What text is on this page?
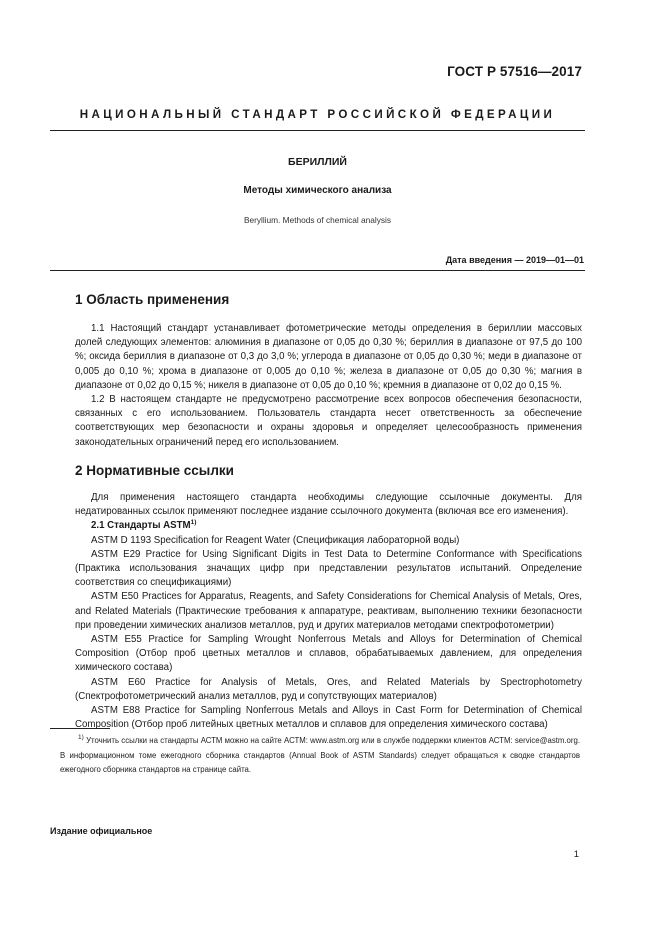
ГОСТ Р 57516—2017
НАЦИОНАЛЬНЫЙ СТАНДАРТ РОССИЙСКОЙ ФЕДЕРАЦИИ
БЕРИЛЛИЙ
Методы химического анализа
Beryllium. Methods of chemical analysis
Дата введения — 2019—01—01
1 Область применения

1.1 Настоящий стандарт устанавливает фотометрические методы определения в бериллии массовых долей следующих элементов: алюминия в диапазоне от 0,05 до 0,30 %; бериллия в диапазоне от 97,5 до 100 %; оксида бериллия в диапазоне от 0,3 до 3,0 %; углерода в диапазоне от 0,05 до 0,30 %; меди в диапазоне от 0,005 до 0,10 %; хрома в диапазоне от 0,005 до 0,10 %; железа в диапазоне от 0,05 до 0,30 %; магния в диапазоне от 0,02 до 0,15 %; никеля в диапазоне от 0,05 до 0,10 %; кремния в диапазоне от 0,02 до 0,15 %.

1.2 В настоящем стандарте не предусмотрено рассмотрение всех вопросов обеспечения безопасности, связанных с его использованием. Пользователь стандарта несет ответственность за обеспечение соответствующих мер безопасности и охраны здоровья и определяет целесообразность применения законодательных ограничений перед его использованием.

2 Нормативные ссылки

Для применения настоящего стандарта необходимы следующие ссылочные документы. Для недатированных ссылок применяют последнее издание ссылочного документа (включая все его изменения).

2.1 Стандарты ASTM$^{1)}$

ASTM D 1193 Specification for Reagent Water (Спецификация лабораторной воды)

ASTM E29 Practice for Using Significant Digits in Test Data to Determine Conformance with Specifications (Практика использования значащих цифр при представлении результатов испытаний. Определение соответствия со спецификациями)

ASTM E50 Practices for Apparatus, Reagents, and Safety Considerations for Chemical Analysis of Metals, Ores, and Related Materials (Практические требования к аппаратуре, реактивам, выполнению техники безопасности при проведении химических анализов металлов, руд и других материалов методами спектрофотометрии)

ASTM E55 Practice for Sampling Wrought Nonferrous Metals and Alloys for Determination of Chemical Composition (Отбор проб цветных металлов и сплавов, обрабатываемых давлением, для определения химического состава)

ASTM E60 Practice for Analysis of Metals, Ores, and Related Materials by Spectrophotometry (Спектрофотометрический анализ металлов, руд и сопутствующих материалов)

ASTM E88 Practice for Sampling Nonferrous Metals and Alloys in Cast Form for Determination of Chemical Composition (Отбор проб литейных цветных металлов и сплавов для определения химического состава)

$^{1)}$ Уточнить ссылки на стандарты АСТМ можно на сайте АСТМ: www.astm.org или в службе поддержки клиентов АСТМ: service@astm.org. В информационном томе ежегодного сборника стандартов (Annual Book of ASTM Standards) следует обращаться к сводке стандартов ежегодного сборника стандартов на странице сайта.

Издание официальное
1
